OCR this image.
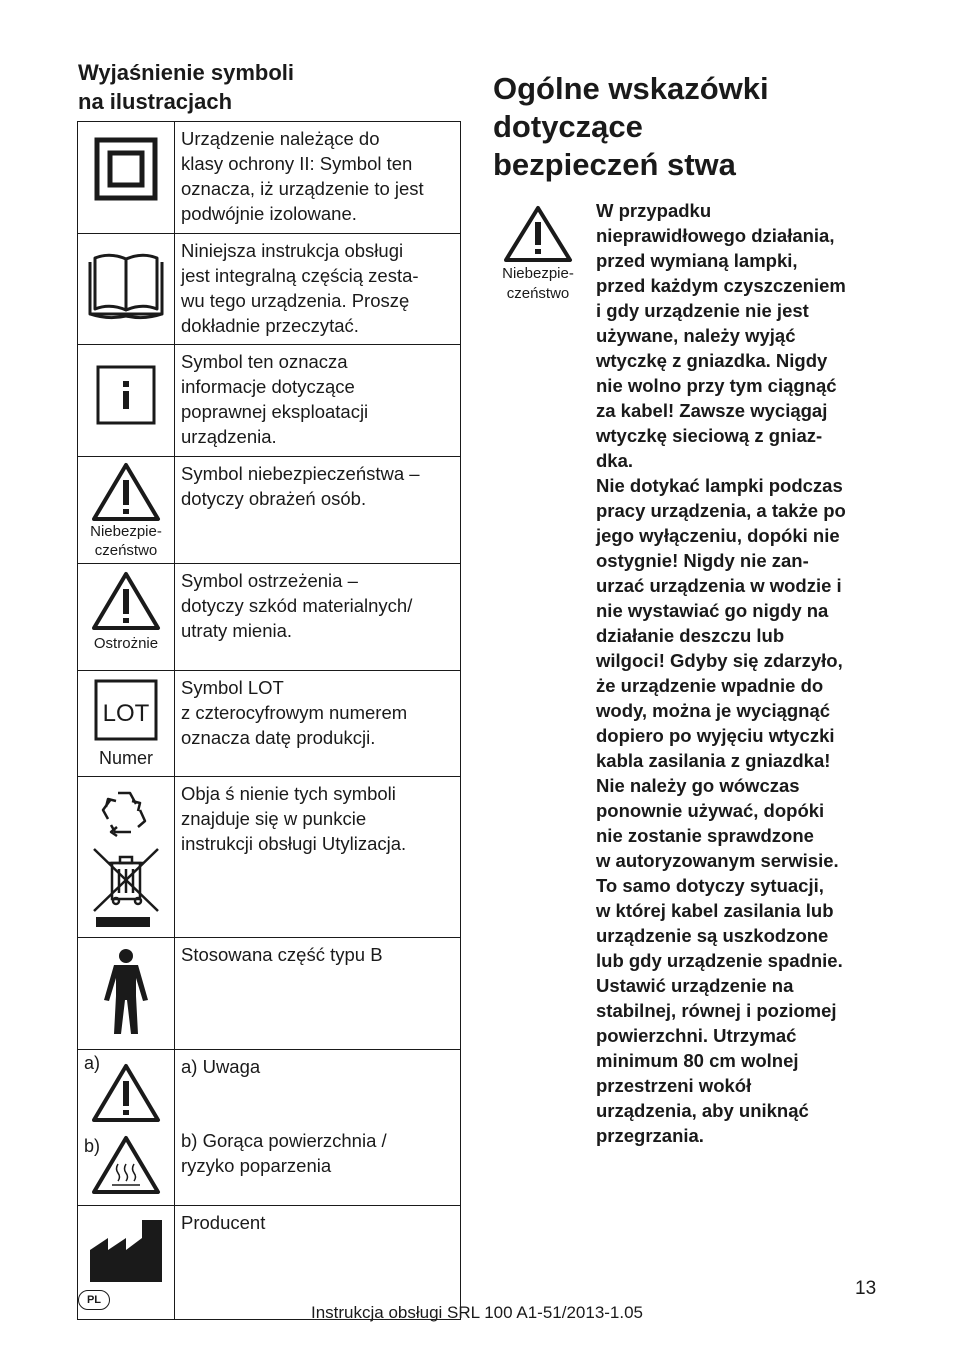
Wyjaśnienie symboli
na ilustracjach
	Urządzenie należące do
klasy ochrony II: Symbol ten
oznacza, iż urządzenie to jest
podwójnie izolowane.
	Niniejsza instrukcja obsługi
jest integralną częścią zesta-
wu tego urządzenia. Proszę
dokładnie przeczytać.
	Symbol ten oznacza
informacje dotyczące
poprawnej eksploatacji
urządzenia.

Niebezpie-
czeństwo	Symbol niebezpieczeństwa –
dotyczy obrażeń osób.

Ostrożnie	Symbol ostrzeżenia –
dotyczy szkód materialnych/
utraty mienia.

LOT
Numer	Symbol LOT
z czterocyfrowym numerem
oznacza datę produkcji.
	Obja ś nienie tych symboli
znajduje się w punkcie
instrukcji obsługi Utylizacja.
	Stosowana część typu B

a)
b)	a) Uwaga

b) Gorąca powierzchnia /
ryzyko poparzenia

	Producent
Ogólne wskazówki
dotyczące
bezpieczeń stwa
Niebezpie-
czeństwo

W przypadku
nieprawidłowego działania,
przed wymianą lampki,
przed każdym czyszczeniem
i gdy urządzenie nie jest
używane, należy wyjąć
wtyczkę z gniazdka. Nigdy
nie wolno przy tym ciągnąć
za kabel! Zawsze wyciągaj
wtyczkę sieciową z gniaz-
dka.
Nie dotykać lampki podczas
pracy urządzenia, a także po
jego wyłączeniu, dopóki nie
ostygnie! Nigdy nie zan-
urzać urządzenia w wodzie i
nie wystawiać go nigdy na
działanie deszczu lub
wilgoci! Gdyby się zdarzyło,
że urządzenie wpadnie do
wody, można je wyciągnąć
dopiero po wyjęciu wtyczki
kabla zasilania z gniazdka!
Nie należy go wówczas
ponownie używać, dopóki
nie zostanie sprawdzone
w autoryzowanym serwisie.
To samo dotyczy sytuacji,
w której kabel zasilania lub
urządzenie są uszkodzone
lub gdy urządzenie spadnie.
Ustawić urządzenie na
stabilnej, równej i poziomej
powierzchni. Utrzymać
minimum 80 cm wolnej
przestrzeni wokół
urządzenia, aby uniknąć
przegrzania.

13
PL
Instrukcja obsługi SRL 100 A1-51/2013-1.05
